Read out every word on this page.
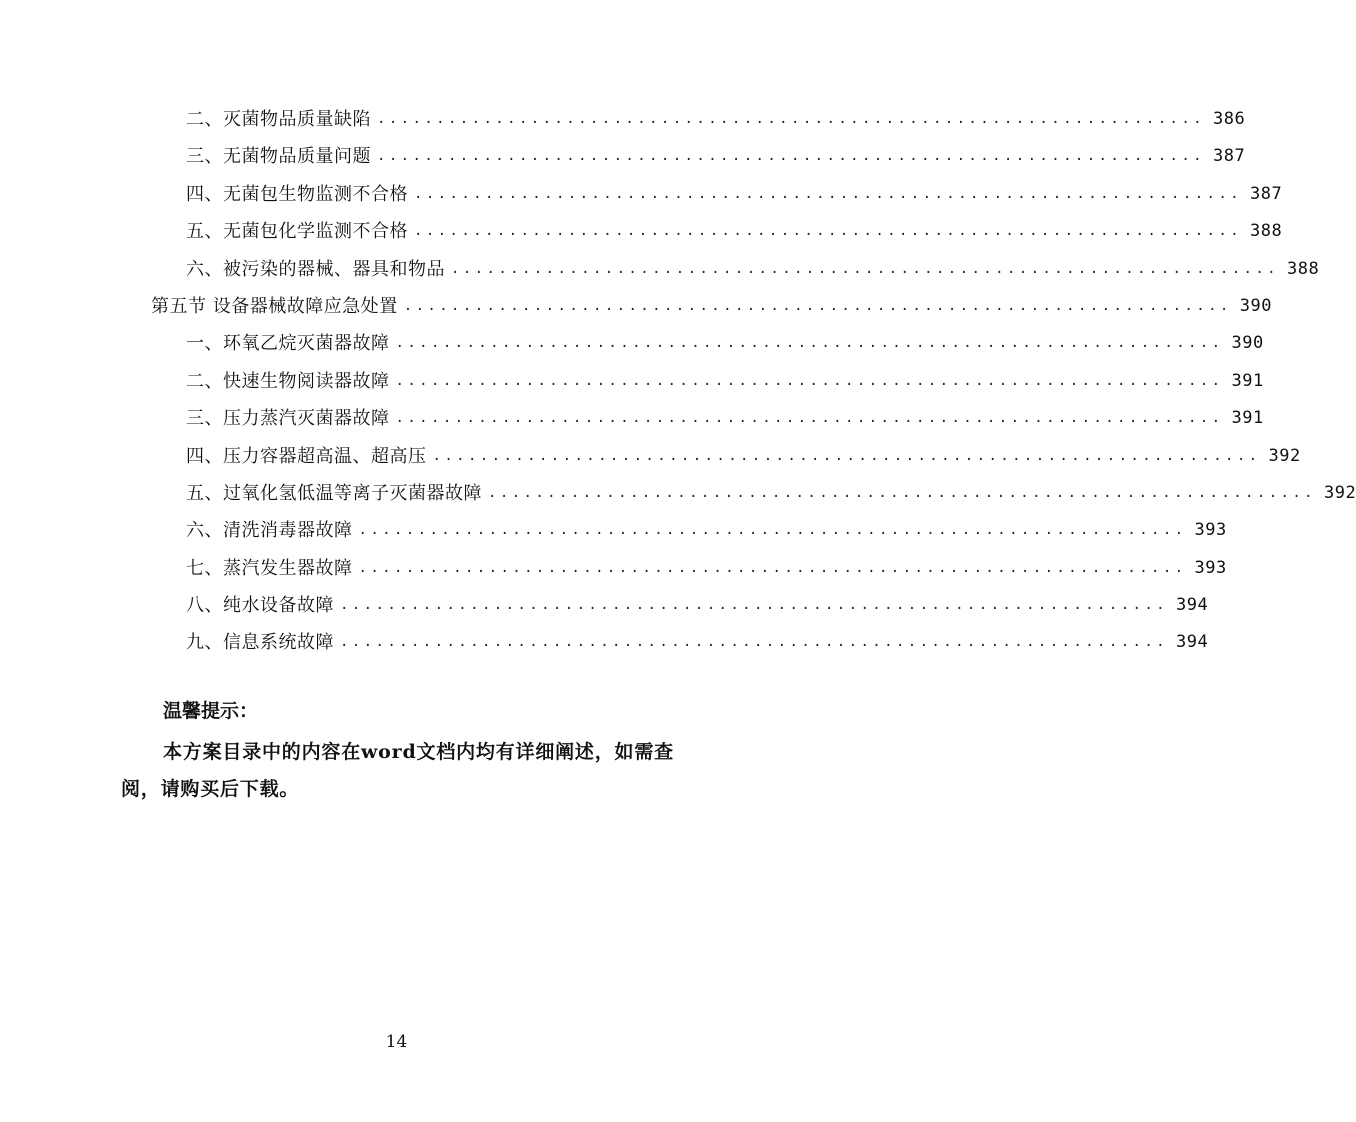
二、灭菌物品质量缺陷 ...................................................................... 386
三、无菌物品质量问题 ...................................................................... 387
四、无菌包生物监测不合格 ...................................................................... 387
五、无菌包化学监测不合格 ...................................................................... 388
六、被污染的器械、器具和物品 ...................................................................... 388
第五节 设备器械故障应急处置 ...................................................................... 390
一、环氧乙烷灭菌器故障 ...................................................................... 390
二、快速生物阅读器故障 ...................................................................... 391
三、压力蒸汽灭菌器故障 ...................................................................... 391
四、压力容器超高温、超高压 ...................................................................... 392
五、过氧化氢低温等离子灭菌器故障 ...................................................................... 392
六、清洗消毒器故障 ...................................................................... 393
七、蒸汽发生器故障 ...................................................................... 393
八、纯水设备故障 ...................................................................... 394
九、信息系统故障 ...................................................................... 394
温馨提示：
本方案目录中的内容在word文档内均有详细阐述，如需查阅，请购买后下载。
14
